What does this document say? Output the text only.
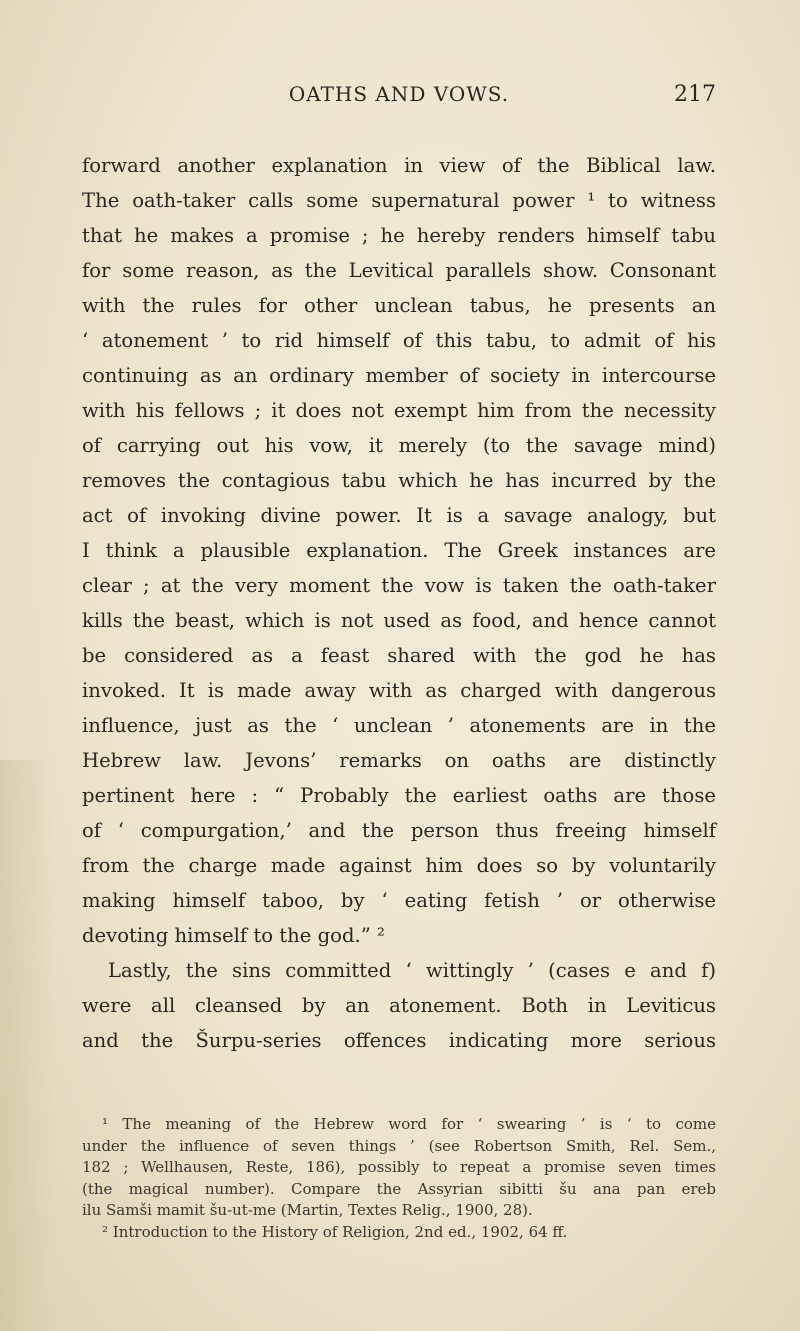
OATHS AND VOWS.	217
forward another explanation in view of the Biblical law.
The oath-taker calls some supernatural power ¹ to witness
that he makes a promise ; he hereby renders himself tabu
for some reason, as the Levitical parallels show. Consonant
with the rules for other unclean tabus, he presents an
‘ atonement ’ to rid himself of this tabu, to admit of his
continuing as an ordinary member of society in intercourse
with his fellows ; it does not exempt him from the necessity
of carrying out his vow, it merely (to the savage mind)
removes the contagious tabu which he has incurred by the
act of invoking divine power. It is a savage analogy, but
I think a plausible explanation. The Greek instances are
clear ; at the very moment the vow is taken the oath-taker
kills the beast, which is not used as food, and hence cannot
be considered as a feast shared with the god he has
invoked. It is made away with as charged with dangerous
influence, just as the ‘ unclean ’ atonements are in the
Hebrew law. Jevons’ remarks on oaths are distinctly
pertinent here : “ Probably the earliest oaths are those
of ‘ compurgation,’ and the person thus freeing himself
from the charge made against him does so by voluntarily
making himself taboo, by ‘ eating fetish ’ or otherwise
devoting himself to the god.” ²
Lastly, the sins committed ‘ wittingly ’ (cases e and f)
were all cleansed by an atonement. Both in Leviticus
and the Šurpu-series offences indicating more serious
¹ The meaning of the Hebrew word for ‘ swearing ’ is ‘ to come
under the influence of seven things ’ (see Robertson Smith, Rel. Sem.,
182 ; Wellhausen, Reste, 186), possibly to repeat a promise seven times
(the magical number). Compare the Assyrian sibitti šu ana pan ereb
ilu Samši mamit šu-ut-me (Martin, Textes Relig., 1900, 28).
² Introduction to the History of Religion, 2nd ed., 1902, 64 ff.
